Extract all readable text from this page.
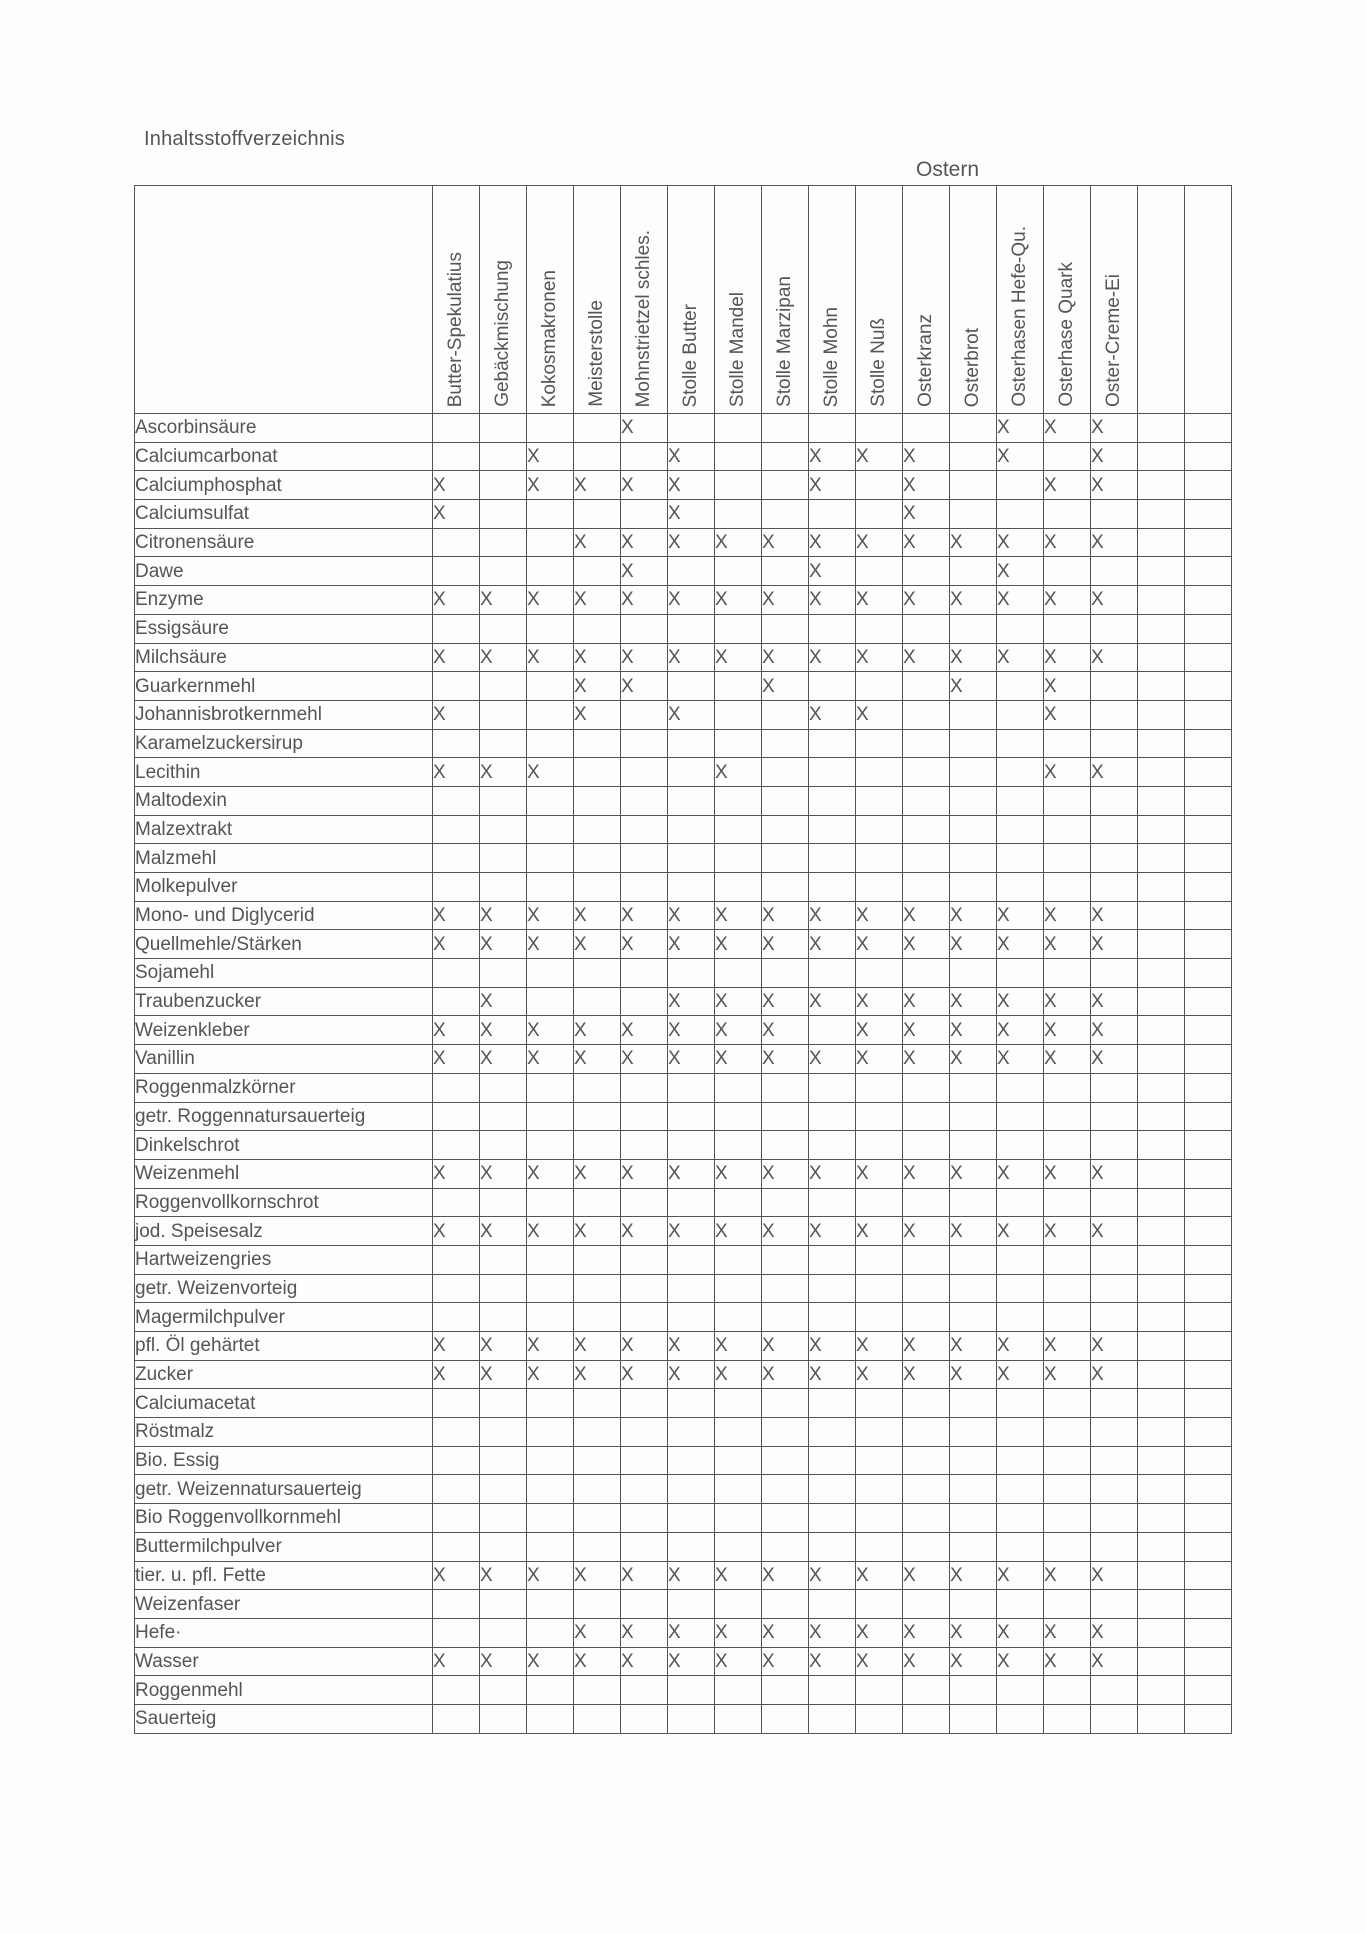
Inhaltsstoffverzeichnis
Ostern

	Butter-Spekulatius	Gebäckmischung	Kokosmakronen	Meisterstolle	Mohnstrietzel schles.	Stolle Butter	Stolle Mandel	Stolle Marzipan	Stolle Mohn	Stolle Nuß	Osterkranz	Osterbrot	Osterhasen Hefe-Qu.	Osterhase Quark	Oster-Creme-Ei		

Ascorbinsäure					X								X	X	X		
Calciumcarbonat			X			X			X	X	X		X		X		
Calciumphosphat	X		X	X	X	X			X		X			X	X		
Calciumsulfat	X					X					X						
Citronensäure				X	X	X	X	X	X	X	X	X	X	X	X		
Dawe					X				X				X				
Enzyme	X	X	X	X	X	X	X	X	X	X	X	X	X	X	X		
Essigsäure																	
Milchsäure	X	X	X	X	X	X	X	X	X	X	X	X	X	X	X		
Guarkernmehl				X	X			X				X		X			
Johannisbrotkernmehl	X			X		X			X	X				X			
Karamelzuckersirup																	
Lecithin	X	X	X				X							X	X		
Maltodexin																	
Malzextrakt																	
Malzmehl																	
Molkepulver																	
Mono- und Diglycerid	X	X	X	X	X	X	X	X	X	X	X	X	X	X	X		
Quellmehle/Stärken	X	X	X	X	X	X	X	X	X	X	X	X	X	X	X		
Sojamehl																	
Traubenzucker		X				X	X	X	X	X	X	X	X	X	X		
Weizenkleber	X	X	X	X	X	X	X	X		X	X	X	X	X	X		
Vanillin	X	X	X	X	X	X	X	X	X	X	X	X	X	X	X		
Roggenmalzkörner																	
getr. Roggennatursauerteig																	
Dinkelschrot																	
Weizenmehl	X	X	X	X	X	X	X	X	X	X	X	X	X	X	X		
Roggenvollkornschrot																	
jod. Speisesalz	X	X	X	X	X	X	X	X	X	X	X	X	X	X	X		
Hartweizengries																	
getr. Weizenvorteig																	
Magermilchpulver																	
pfl. Öl gehärtet	X	X	X	X	X	X	X	X	X	X	X	X	X	X	X		
Zucker	X	X	X	X	X	X	X	X	X	X	X	X	X	X	X		
Calciumacetat																	
Röstmalz																	
Bio. Essig																	
getr. Weizennatursauerteig																	
Bio Roggenvollkornmehl																	
Buttermilchpulver																	
tier. u. pfl. Fette	X	X	X	X	X	X	X	X	X	X	X	X	X	X	X		
Weizenfaser																	
Hefe·				X	X	X	X	X	X	X	X	X	X	X	X		
Wasser	X	X	X	X	X	X	X	X	X	X	X	X	X	X	X		
Roggenmehl																	
Sauerteig																	
